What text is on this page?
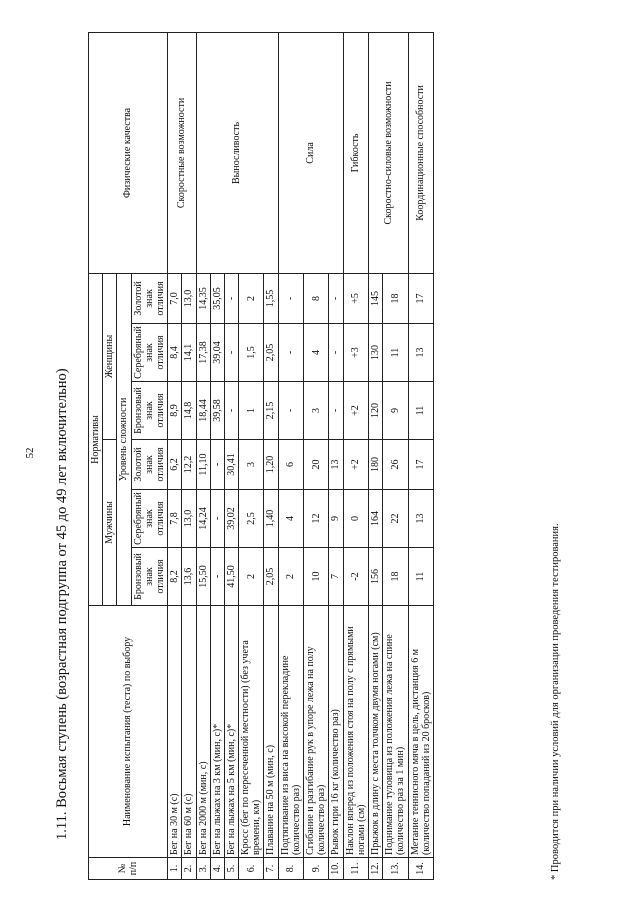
52 1.11. Восьмая ступень (возрастная подгруппа от 45 до 49 лет включительно)
№ п/п	Наименование испытания (теста) по выбору	Нормативы						Физические качества
		Мужчины			Женщины			
		Уровень сложности						
		Бронзовый знак отличия	Серебряный знак отличия	Золотой знак отличия	Бронзовый знак отличия	Серебряный знак отличия	Золотой знак отличия	
1.	Бег на 30 м (с)	8,2	7,8	6,2	8,9	8,4	7,0	Скоростные возможности
2.	Бег на 60 м (с)	13,6	13,0	12,2	14,8	14,1	13,0	
3.	Бег на 2000 м (мин, с)	15,50	14,24	11,10	18,44	17,38	14,35	Выносливость
4.	Бег на лыжах на 3 км (мин, с)*	-	-	-	39,58	39,04	35,05	
5.	Бег на лыжах на 5 км (мин, с)*	41,50	39,02	30,41	-	-	-	
6.	Кросс (бег по пересеченной местности) (без учета времени, км)	2	2,5	3	1	1,5	2	
7.	Плавание на 50 м (мин, с)	2,05	1,40	1,20	2,15	2,05	1,55	
8.	Подтягивание из виса на высокой перекладине (количество раз)	2	4	6	-	-	-	Сила
9.	Сгибание и разгибание рук в упоре лежа на полу (количество раз)	10	12	20	3	4	8	
10.	Рывок гири 16 кг (количество раз)	7	9	13	-	-	-	
11.	Наклон вперед из положения стоя на полу с прямыми ногами (см)	-2	0	+2	+2	+3	+5	Гибкость
12.	Прыжок в длину с места толчком двумя ногами (см)	156	164	180	120	130	145	Скоростно-силовые возможности
13.	Поднимание туловища из положения лежа на спине (количество раз за 1 мин)	18	22	26	9	11	18	
14.	Метание теннисного мяча в цель, дистанция 6 м (количество попаданий из 20 бросков)	11	13	17	11	13	17	Координационные способности
* Проводится при наличии условий для организации проведения тестирования.
